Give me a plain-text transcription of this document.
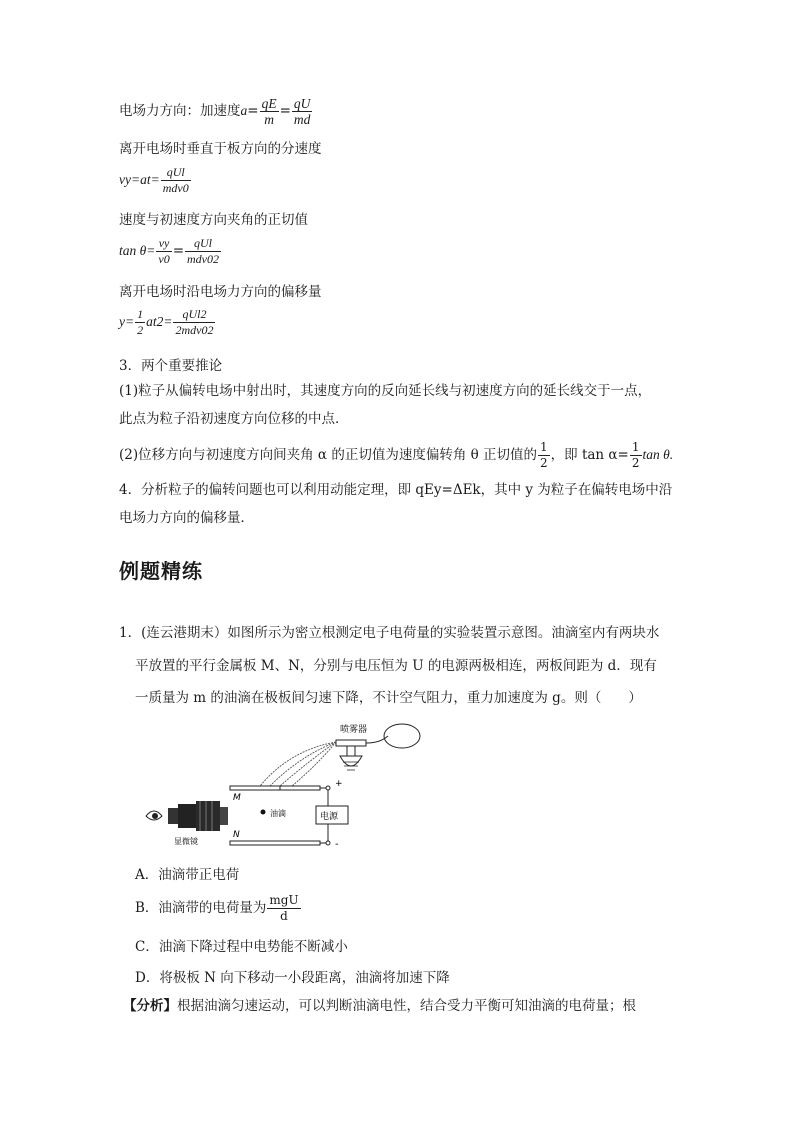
电场力方向：加速度$a= \frac{qE}{m} = \frac{qU}{md}$
离开电场时垂直于板方向的分速度
$vy=at= \frac{\text{qUl}}{\text{mdv0}}$
速度与初速度方向夹角的正切值
$\tan \theta= \frac{vy}{v0} = \frac{\text{qUl}}{\text{mdv02}}$
离开电场时沿电场力方向的偏移量
$y= \frac{1}{2} at2= \frac{\text{qUl2}}{\text{2mdv02}}$
3．两个重要推论
(1)粒子从偏转电场中射出时，其速度方向的反向延长线与初速度方向的延长线交于一点，
此点为粒子沿初速度方向位移的中点．
(2)位移方向与初速度方向间夹角 α 的正切值为速度偏转角 θ 正切值的 $\frac{1}{2}$ ，即 $\tan \alpha= \frac{1}{2}$ tan θ.
4．分析粒子的偏转问题也可以利用动能定理，即 qEy=ΔEk，其中 y 为粒子在偏转电场中沿
电场力方向的偏移量．
例题精练
1．(连云港期末）如图所示为密立根测定电子电荷量的实验装置示意图。油滴室内有两块水
平放置的平行金属板 M、N，分别与电压恒为 U 的电源两极相连，两板间距为 d．现有
一质量为 m 的油滴在极板间匀速下降，不计空气阻力，重力加速度为 g。则（　　）
喷雾器
M
N
+
-
电源
油滴
显微镜
A．油滴带正电荷
B．油滴带的电荷量为 $\frac{\text{mgU}}{d}$
C．油滴下降过程中电势能不断减小
D．将极板 N 向下移动一小段距离，油滴将加速下降
【分析】根据油滴匀速运动，可以判断油滴电性，结合受力平衡可知油滴的电荷量；根
